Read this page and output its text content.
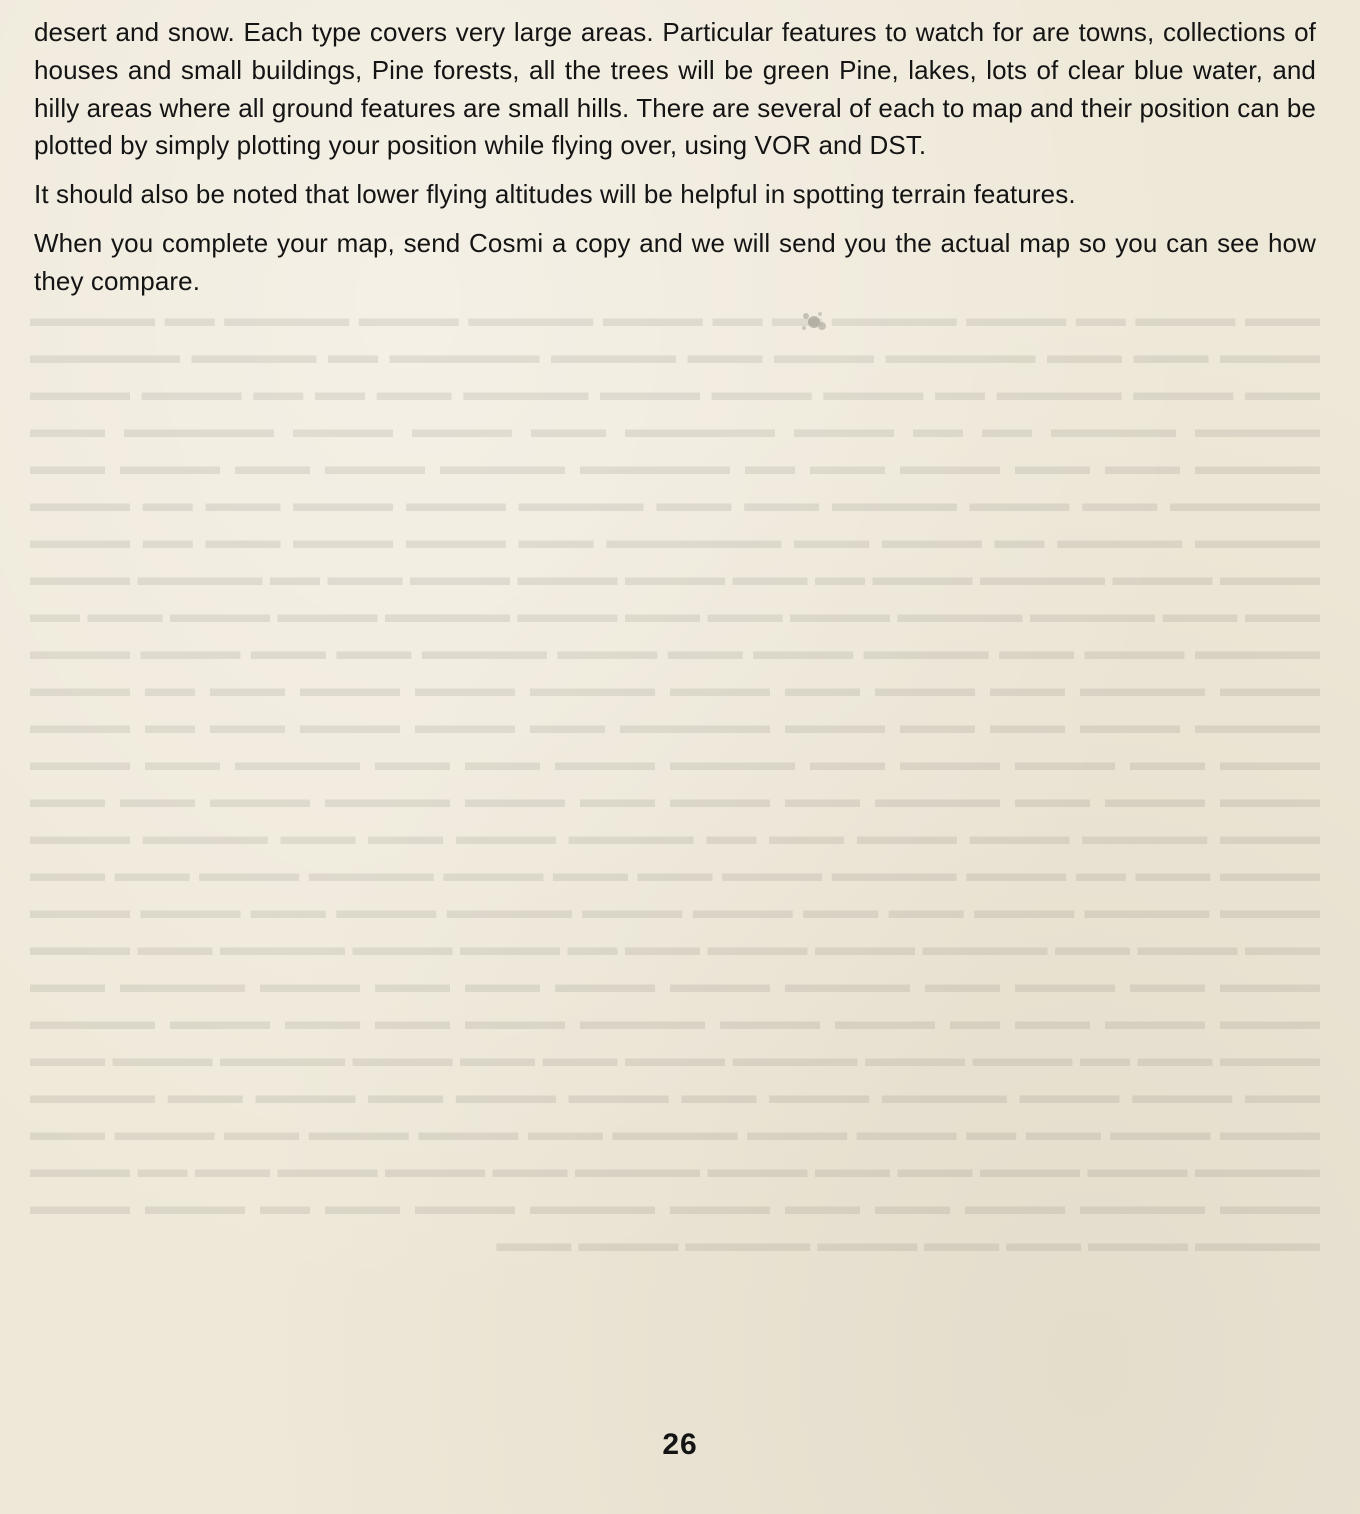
▬▬▬ ▬▬▬▬ ▬▬ ▬▬▬▬ ▬▬▬▬▬ ▬▬ ▬▬ ▬▬▬▬ ▬▬▬▬▬ ▬▬▬▬ ▬▬▬▬▬ ▬▬ ▬▬▬▬▬ ▬▬▬▬ ▬▬▬ ▬▬▬ ▬▬▬▬▬▬ ▬▬▬▬ ▬▬▬ ▬▬▬▬▬ ▬▬▬▬▬▬ ▬▬ ▬▬▬▬▬ ▬▬▬▬▬▬ ▬▬▬ ▬▬▬▬ ▬▬▬▬▬ ▬▬ ▬▬▬▬ ▬▬▬▬ ▬▬▬▬ ▬▬▬▬▬ ▬▬▬ ▬▬ ▬▬ ▬▬▬▬ ▬▬▬▬ ▬▬▬▬▬ ▬▬▬▬▬ ▬▬ ▬▬ ▬▬▬▬ ▬▬▬▬▬▬ ▬▬▬ ▬▬▬▬ ▬▬▬▬ ▬▬▬▬▬▬ ▬▬▬ ▬▬▬▬▬ ▬▬▬ ▬▬▬ ▬▬▬▬ ▬▬▬ ▬▬ ▬▬▬▬▬▬ ▬▬▬▬▬ ▬▬▬▬ ▬▬▬ ▬▬▬▬ ▬▬▬ ▬▬▬▬▬▬ ▬▬▬ ▬▬▬▬ ▬▬▬▬▬ ▬▬▬ ▬▬▬ ▬▬▬▬▬ ▬▬▬▬ ▬▬▬▬ ▬▬▬ ▬▬ ▬▬▬▬ ▬▬▬▬▬ ▬▬▬▬▬ ▬▬ ▬▬▬▬ ▬▬▬ ▬▬▬▬▬▬▬ ▬▬▬ ▬▬▬▬ ▬▬▬▬ ▬▬▬ ▬▬ ▬▬▬▬ ▬▬▬▬ ▬▬▬▬ ▬▬▬▬▬ ▬▬▬▬ ▬▬ ▬▬▬ ▬▬▬▬ ▬▬▬▬ ▬▬▬▬ ▬▬▬ ▬▬ ▬▬▬▬▬ ▬▬▬▬ ▬▬▬ ▬▬▬ ▬▬▬▬▬ ▬▬▬▬▬ ▬▬▬▬ ▬▬▬ ▬▬▬ ▬▬▬▬ ▬▬▬▬▬ ▬▬▬▬ ▬▬▬▬ ▬▬▬ ▬▬ ▬▬▬▬▬ ▬▬▬▬ ▬▬▬ ▬▬▬▬▬ ▬▬▬▬ ▬▬▬ ▬▬▬▬ ▬▬▬▬▬ ▬▬▬ ▬▬▬ ▬▬▬▬ ▬▬▬▬ ▬▬▬▬ ▬▬▬▬▬ ▬▬▬ ▬▬▬▬ ▬▬▬ ▬▬▬▬ ▬▬▬▬▬ ▬▬▬▬ ▬▬▬▬ ▬▬▬ ▬▬ ▬▬▬▬ ▬▬▬▬▬ ▬▬▬▬ ▬▬▬ ▬▬▬ ▬▬▬▬ ▬▬▬▬▬▬ ▬▬▬ ▬▬▬▬ ▬▬▬▬ ▬▬▬ ▬▬ ▬▬▬▬ ▬▬▬▬ ▬▬▬ ▬▬▬▬ ▬▬▬▬ ▬▬▬ ▬▬▬▬▬ ▬▬▬▬ ▬▬▬ ▬▬▬ ▬▬▬▬▬ ▬▬▬ ▬▬▬▬ ▬▬▬▬ ▬▬▬▬ ▬▬▬ ▬▬▬▬▬ ▬▬▬ ▬▬▬▬ ▬▬▬ ▬▬▬▬ ▬▬▬▬▬ ▬▬▬▬ ▬▬▬ ▬▬▬ ▬▬▬▬ ▬▬▬▬▬ ▬▬▬▬ ▬▬▬▬ ▬▬▬ ▬▬ ▬▬▬▬▬ ▬▬▬▬ ▬▬▬ ▬▬▬ ▬▬▬▬▬ ▬▬▬▬ ▬▬▬▬ ▬▬▬ ▬▬ ▬▬▬▬ ▬▬▬▬▬ ▬▬▬▬ ▬▬▬ ▬▬▬ ▬▬▬▬ ▬▬▬▬▬ ▬▬▬▬ ▬▬▬ ▬▬▬ ▬▬▬▬ ▬▬▬▬▬ ▬▬▬▬ ▬▬▬ ▬▬▬ ▬▬▬▬ ▬▬▬▬ ▬▬▬▬▬ ▬▬▬▬ ▬▬▬ ▬▬▬▬ ▬▬▬▬ ▬▬▬ ▬▬▬▬ ▬▬▬ ▬▬▬▬▬ ▬▬▬▬ ▬▬▬▬ ▬▬▬ ▬▬ ▬▬▬▬ ▬▬▬▬ ▬▬▬▬▬ ▬▬▬ ▬▬▬▬ ▬▬▬▬ ▬▬▬ ▬▬▬▬ ▬▬▬ ▬▬▬▬▬ ▬▬▬▬ ▬▬▬▬ ▬▬▬ ▬▬▬ ▬▬▬▬ ▬▬▬▬▬ ▬▬▬ ▬▬▬▬ ▬▬▬▬ ▬▬▬ ▬▬ ▬▬▬▬ ▬▬▬▬ ▬▬▬▬▬ ▬▬▬▬ ▬▬▬ ▬▬▬ ▬▬▬▬ ▬▬▬▬▬ ▬▬▬▬ ▬▬▬ ▬▬ ▬▬▬▬ ▬▬▬▬ ▬▬▬▬▬ ▬▬▬▬ ▬▬▬ ▬▬▬ ▬▬▬▬ ▬▬▬▬▬ ▬▬▬▬ ▬▬▬ ▬▬▬ ▬▬▬▬ ▬▬▬▬ ▬▬▬▬▬ ▬▬▬▬ ▬▬▬ ▬▬▬▬ ▬▬▬▬ ▬▬▬ ▬▬▬▬ ▬▬▬ ▬▬▬▬▬ ▬▬▬▬ ▬▬▬▬ ▬▬▬ ▬▬ ▬▬▬▬ ▬▬▬▬ ▬▬▬▬▬ ▬▬▬ ▬▬▬▬ ▬▬▬▬ ▬▬▬ ▬▬▬▬ ▬▬▬ ▬▬▬▬▬ ▬▬▬▬ ▬▬▬▬ ▬▬▬ ▬▬▬ ▬▬▬▬ ▬▬▬▬▬ ▬▬▬ ▬▬▬▬ ▬▬▬▬ ▬▬▬ ▬▬ ▬▬▬▬ ▬▬▬▬ ▬▬▬▬▬ ▬▬▬▬ ▬▬▬ ▬▬▬ ▬▬▬▬ ▬▬▬▬▬ ▬▬▬▬ ▬▬▬ ▬▬ ▬▬▬▬ ▬▬▬▬ ▬▬▬▬▬ ▬▬▬▬ ▬▬▬ ▬▬▬ ▬▬▬▬ ▬▬▬▬▬ ▬▬▬▬ ▬▬▬

desert and snow. Each type covers very large areas. Particular features to watch for are towns, collections of houses and small buildings, Pine forests, all the trees will be green Pine, lakes, lots of clear blue water, and hilly areas where all ground features are small hills. There are several of each to map and their position can be plotted by simply plotting your position while flying over, using VOR and DST.

It should also be noted that lower flying altitudes will be helpful in spotting terrain features.

When you complete your map, send Cosmi a copy and we will send you the actual map so you can see how they compare.

26
